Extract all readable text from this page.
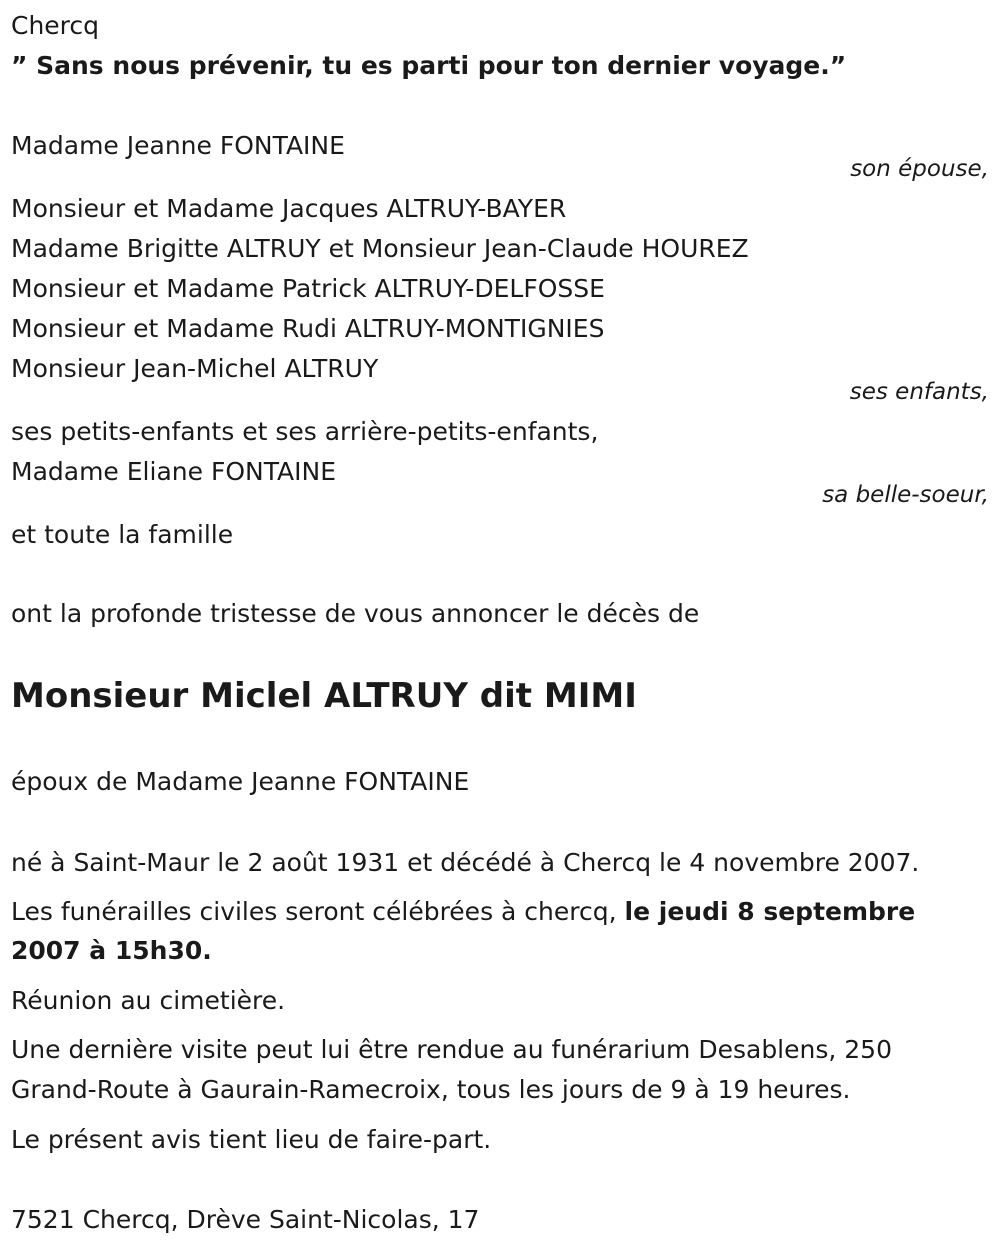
Chercq
” Sans nous prévenir, tu es parti pour ton dernier voyage.”
Madame Jeanne FONTAINE
son épouse,
Monsieur et Madame Jacques ALTRUY-BAYER
Madame Brigitte ALTRUY et Monsieur Jean-Claude HOUREZ
Monsieur et Madame Patrick ALTRUY-DELFOSSE
Monsieur et Madame Rudi ALTRUY-MONTIGNIES
Monsieur Jean-Michel ALTRUY
ses enfants,
ses petits-enfants et ses arrière-petits-enfants,
Madame Eliane FONTAINE
sa belle-soeur,
et toute la famille
ont la profonde tristesse de vous annoncer le décès de
Monsieur Miclel ALTRUY dit MIMI
époux de Madame Jeanne FONTAINE
né à Saint-Maur le 2 août 1931 et décédé à Chercq le 4 novembre 2007.
Les funérailles civiles seront célébrées à chercq, le jeudi 8 septembre
2007 à 15h30.
Réunion au cimetière.
Une dernière visite peut lui être rendue au funérarium Desablens, 250
Grand-Route à Gaurain-Ramecroix, tous les jours de 9 à 19 heures.
Le présent avis tient lieu de faire-part.
7521 Chercq, Drève Saint-Nicolas, 17
